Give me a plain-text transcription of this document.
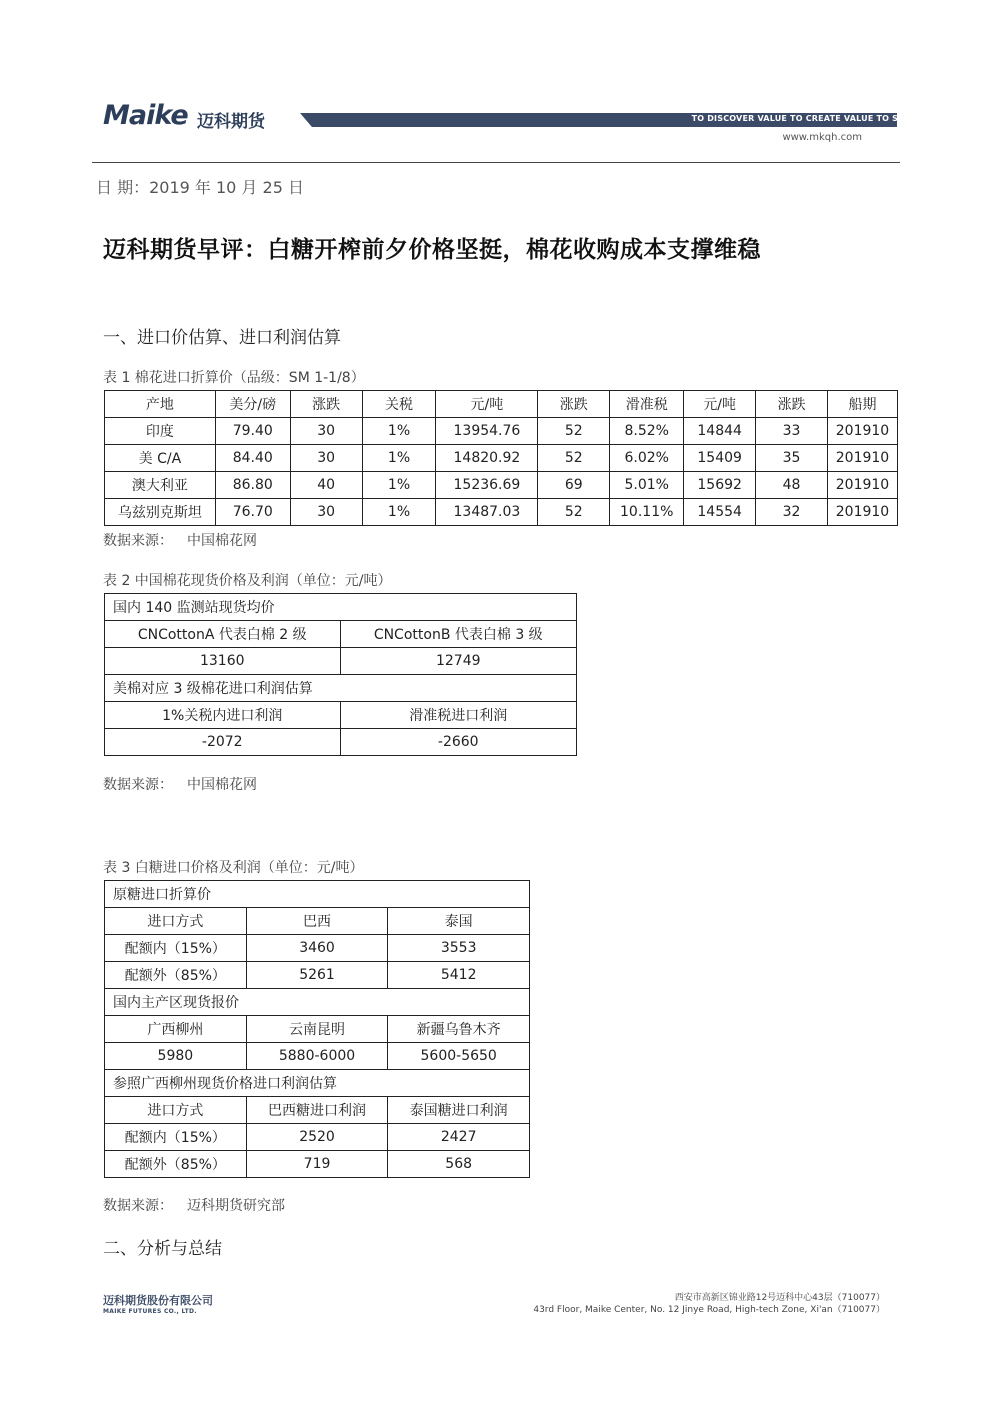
Maike 迈科期货	TO DISCOVER VALUE TO CREATE VALUE TO SHARE VALUE
www.mkqh.com
日 期：2019 年 10 月 25 日
迈科期货早评：白糖开榨前夕价格坚挺，棉花收购成本支撑维稳
一、进口价估算、进口利润估算
表 1 棉花进口折算价（品级：SM 1-1/8）
产地	美分/磅	涨跌	关税	元/吨	涨跌	滑准税	元/吨	涨跌	船期
印度	79.40	30	1%	13954.76	52	8.52%	14844	33	201910
美 C/A	84.40	30	1%	14820.92	52	6.02%	15409	35	201910
澳大利亚	86.80	40	1%	15236.69	69	5.01%	15692	48	201910
乌兹别克斯坦	76.70	30	1%	13487.03	52	10.11%	14554	32	201910
数据来源： 中国棉花网
表 2 中国棉花现货价格及利润（单位：元/吨）
国内 140 监测站现货均价	
CNCottonA 代表白棉 2 级	CNCottonB 代表白棉 3 级
13160	12749
美棉对应 3 级棉花进口利润估算	
1%关税内进口利润	滑准税进口利润
-2072	-2660
数据来源： 中国棉花网
表 3 白糖进口价格及利润（单位：元/吨）
原糖进口折算价		
进口方式	巴西	泰国
配额内（15%）	3460	3553
配额外（85%）	5261	5412
国内主产区现货报价		
广西柳州	云南昆明	新疆乌鲁木齐
5980	5880-6000	5600-5650
参照广西柳州现货价格进口利润估算		
进口方式	巴西糖进口利润	泰国糖进口利润
配额内（15%）	2520	2427
配额外（85%）	719	568
数据来源： 迈科期货研究部
二、分析与总结
迈科期货股份有限公司
MAIKE FUTURES CO., LTD.
西安市高新区锦业路12号迈科中心43层（710077）
43rd Floor, Maike Center, No. 12 Jinye Road, High-tech Zone, Xi'an（710077）
